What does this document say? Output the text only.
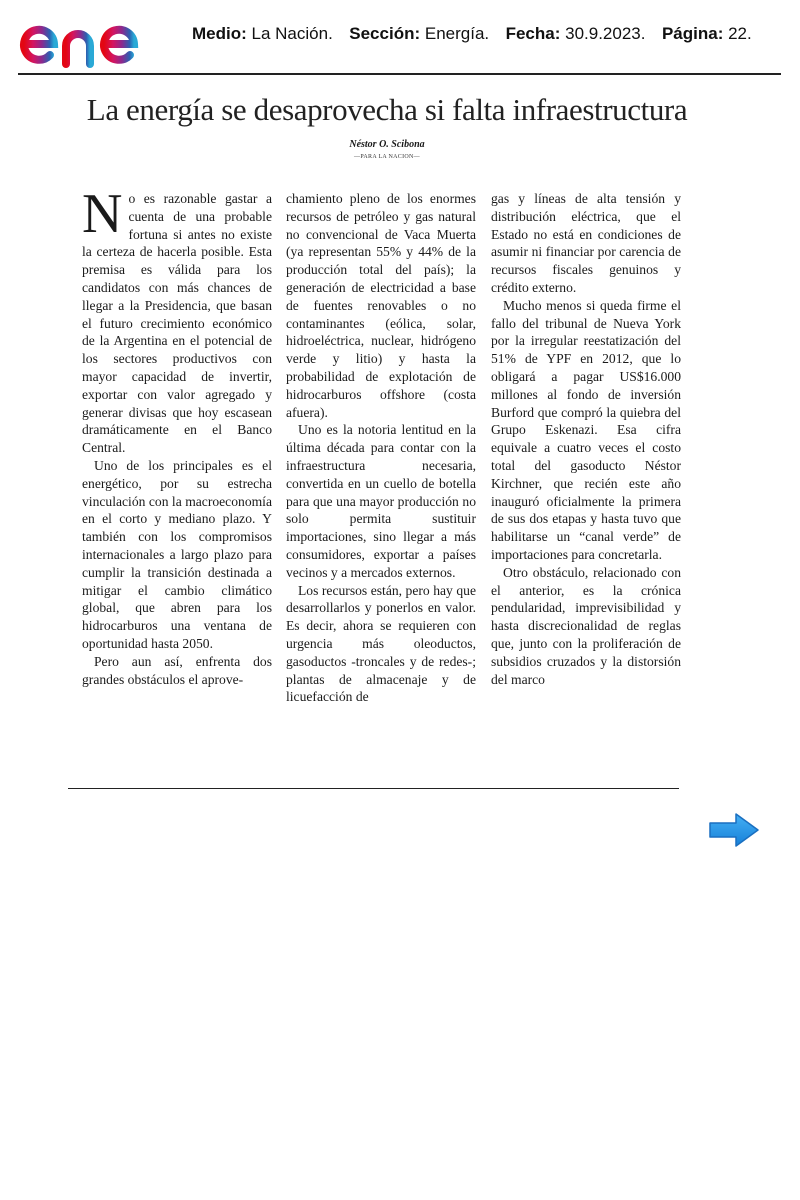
Medio: La Nación. Sección: Energía. Fecha: 30.9.2023. Página: 22.
La energía se desaprovecha si falta infraestructura
Néstor O. Scibona
—PARA LA NACION—

No es razonable gastar a cuenta de una probable fortuna si antes no existe la certeza de hacerla posible. Esta premisa es válida para los candidatos con más chances de llegar a la Presidencia, que basan el futuro crecimiento económico de la Argentina en el potencial de los sectores productivos con mayor capacidad de invertir, exportar con valor agregado y generar divisas que hoy escasean dramáticamente en el Banco Central.

Uno de los principales es el energético, por su estrecha vinculación con la macroeconomía en el corto y mediano plazo. Y también con los compromisos internacionales a largo plazo para cumplir la transición destinada a mitigar el cambio climático global, que abren para los hidrocarburos una ventana de oportunidad hasta 2050.

Pero aun así, enfrenta dos grandes obstáculos el aprove-

chamiento pleno de los enormes recursos de petróleo y gas natural no convencional de Vaca Muerta (ya representan 55% y 44% de la producción total del país); la generación de electricidad a base de fuentes renovables o no contaminantes (eólica, solar, hidroeléctrica, nuclear, hidrógeno verde y litio) y hasta la probabilidad de explotación de hidrocarburos offshore (costa afuera).

Uno es la notoria lentitud en la última década para contar con la infraestructura necesaria, convertida en un cuello de botella para que una mayor producción no solo permita sustituir importaciones, sino llegar a más consumidores, exportar a países vecinos y a mercados externos.

Los recursos están, pero hay que desarrollarlos y ponerlos en valor. Es decir, ahora se requieren con urgencia más oleoductos, gasoductos -troncales y de redes-; plantas de almacenaje y de licuefacción de

gas y líneas de alta tensión y distribución eléctrica, que el Estado no está en condiciones de asumir ni financiar por carencia de recursos fiscales genuinos y crédito externo.

Mucho menos si queda firme el fallo del tribunal de Nueva York por la irregular reestatización del 51% de YPF en 2012, que lo obligará a pagar US$16.000 millones al fondo de inversión Burford que compró la quiebra del Grupo Eskenazi. Esa cifra equivale a cuatro veces el costo total del gasoducto Néstor Kirchner, que recién este año inauguró oficialmente la primera de sus dos etapas y hasta tuvo que habilitarse un “canal verde” de importaciones para concretarla.

Otro obstáculo, relacionado con el anterior, es la crónica pendularidad, imprevisibilidad y hasta discrecionalidad de reglas que, junto con la proliferación de subsidios cruzados y la distorsión del marco
